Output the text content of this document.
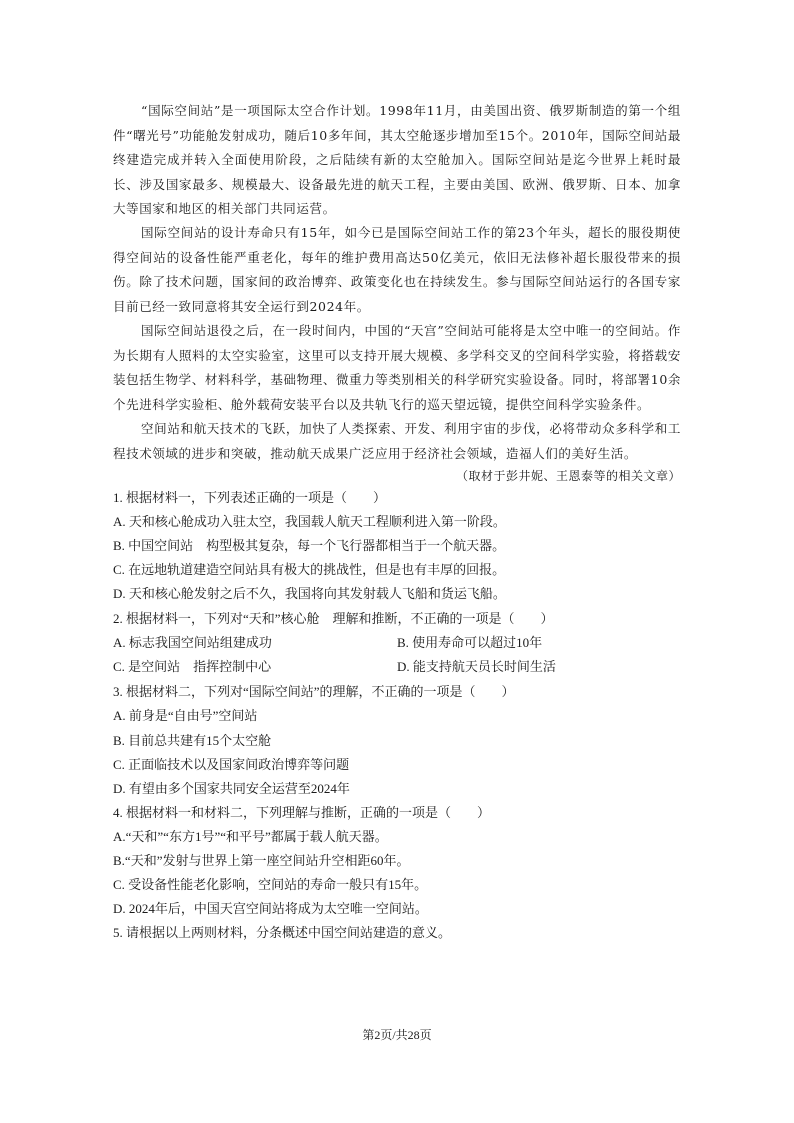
“国际空间站”是一项国际太空合作计划。1998年11月，由美国出资、俄罗斯制造的第一个组件“曙光号”功能舱发射成功，随后10多年间，其太空舱逐步增加至15个。2010年，国际空间站最终建造完成并转入全面使用阶段，之后陆续有新的太空舱加入。国际空间站是迄今世界上耗时最长、涉及国家最多、规模最大、设备最先进的航天工程，主要由美国、欧洲、俄罗斯、日本、加拿大等国家和地区的相关部门共同运营。

国际空间站的设计寿命只有15年，如今已是国际空间站工作的第23个年头，超长的服役期使得空间站的设备性能严重老化，每年的维护费用高达50亿美元，依旧无法修补超长服役带来的损伤。除了技术问题，国家间的政治博弈、政策变化也在持续发生。参与国际空间站运行的各国专家目前已经一致同意将其安全运行到2024年。

国际空间站退役之后，在一段时间内，中国的“天宫”空间站可能将是太空中唯一的空间站。作为长期有人照料的太空实验室，这里可以支持开展大规模、多学科交叉的空间科学实验，将搭载安装包括生物学、材料科学，基础物理、微重力等类别相关的科学研究实验设备。同时，将部署10余个先进科学实验柜、舱外载荷安装平台以及共轨飞行的巡天望远镜，提供空间科学实验条件。

空间站和航天技术的飞跃，加快了人类探索、开发、利用宇宙的步伐，必将带动众多科学和工程技术领域的进步和突破，推动航天成果广泛应用于经济社会领域，造福人们的美好生活。

（取材于彭井妮、王恩泰等的相关文章）
1. 根据材料一，下列表述正确的一项是（　　）
A. 天和核心舱成功入驻太空，我国载人航天工程顺利进入第一阶段。
B. 中国空间站　构型极其复杂，每一个飞行器都相当于一个航天器。
C. 在远地轨道建造空间站具有极大的挑战性，但是也有丰厚的回报。
D. 天和核心舱发射之后不久，我国将向其发射载人飞船和货运飞船。
2. 根据材料一，下列对“天和”核心舱　理解和推断，不正确的一项是（　　）
A. 标志我国空间站组建成功	B. 使用寿命可以超过10年
C. 是空间站　指挥控制中心	D. 能支持航天员长时间生活
3. 根据材料二，下列对“国际空间站”的理解，不正确的一项是（　　）
A. 前身是“自由号”空间站
B. 目前总共建有15个太空舱
C. 正面临技术以及国家间政治博弈等问题
D. 有望由多个国家共同安全运营至2024年
4. 根据材料一和材料二，下列理解与推断，正确的一项是（　　）
A.“天和”“东方1号”“和平号”都属于载人航天器。
B.“天和”发射与世界上第一座空间站升空相距60年。
C. 受设备性能老化影响，空间站的寿命一般只有15年。
D. 2024年后，中国天宫空间站将成为太空唯一空间站。
5. 请根据以上两则材料，分条概述中国空间站建造的意义。
第2页/共28页
